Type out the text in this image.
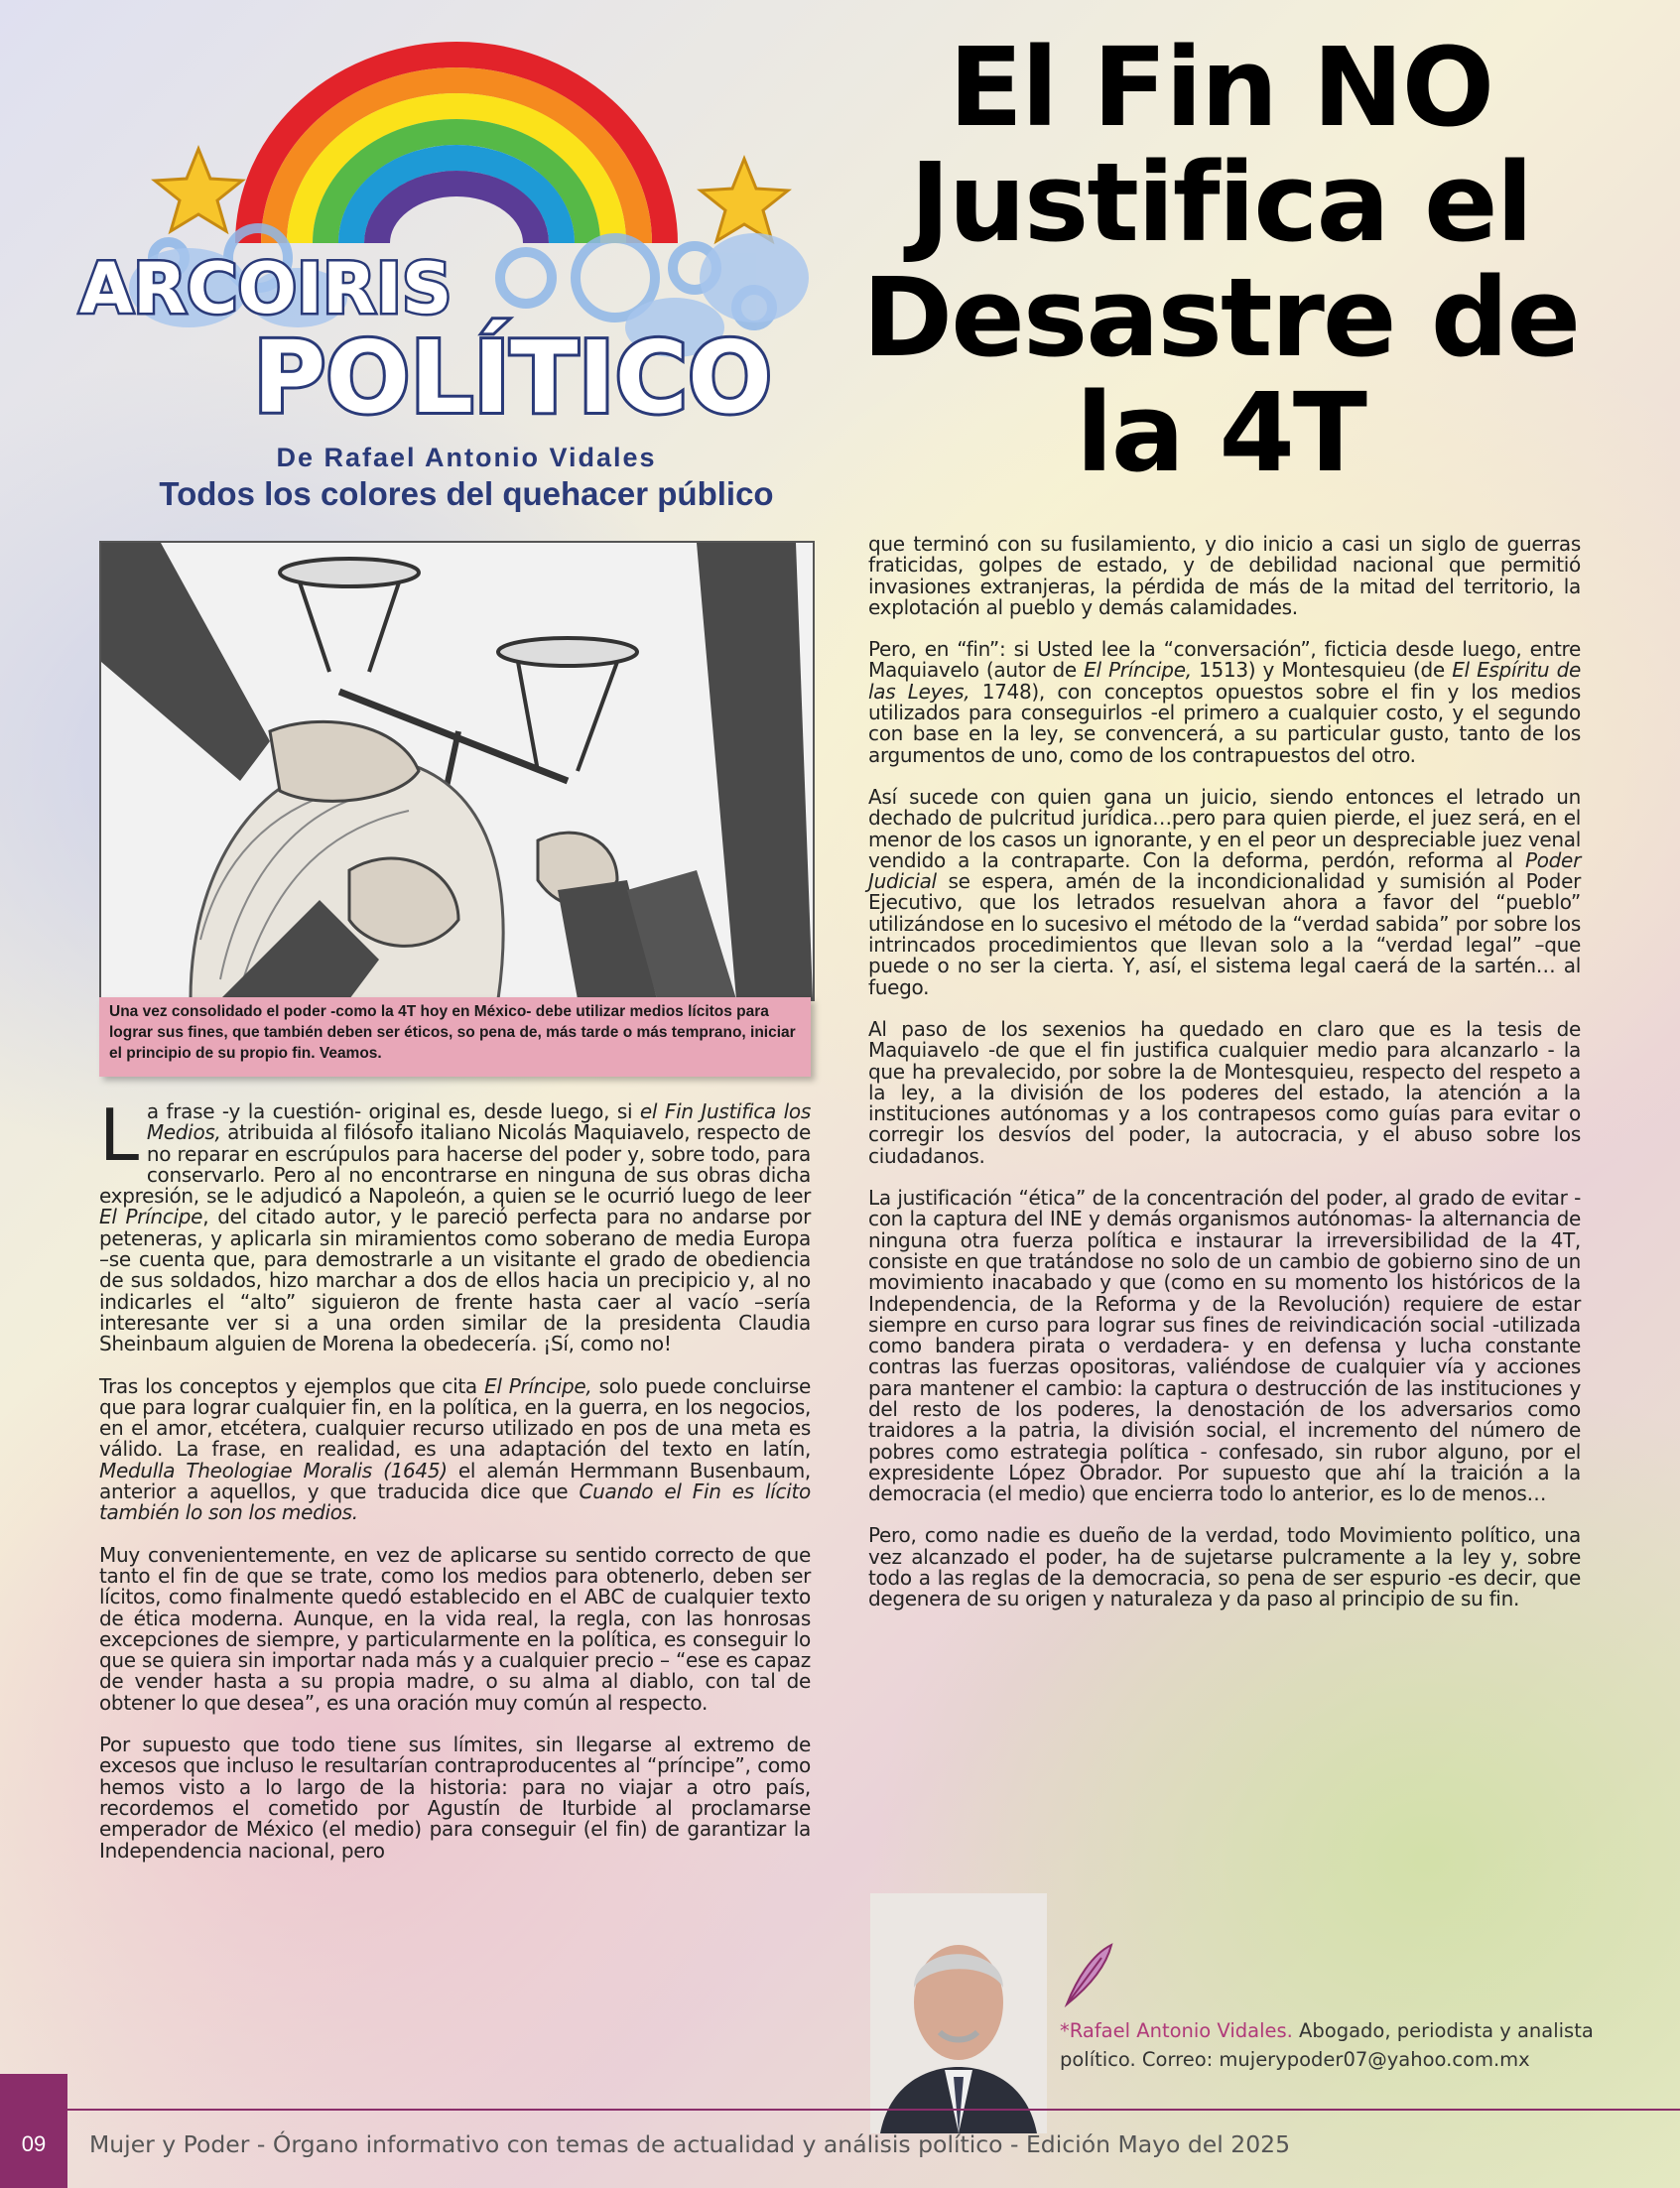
ARCOIRIS
POLÍTICO
De Rafael Antonio Vidales
Todos los colores del quehacer público
El Fin NO
Justifica el
Desastre de
la 4T
Una vez consolidado el poder -como la 4T hoy en México- debe utilizar medios lícitos para lograr sus fines, que también deben ser éticos, so pena de, más tarde o más temprano, iniciar el principio de su propio fin. Veamos.

La frase -y la cuestión- original es, desde luego, si el Fin Justifica los Medios, atribuida al filósofo italiano Nicolás Maquiavelo, respecto de no reparar en escrúpulos para hacerse del poder y, sobre todo, para conservarlo. Pero al no encontrarse en ninguna de sus obras dicha expresión, se le adjudicó a Napoleón, a quien se le ocurrió luego de leer El Príncipe, del citado autor, y le pareció perfecta para no andarse por peteneras, y aplicarla sin miramientos como soberano de media Europa –se cuenta que, para demostrarle a un visitante el grado de obediencia de sus soldados, hizo marchar a dos de ellos hacia un precipicio y, al no indicarles el “alto” siguieron de frente hasta caer al vacío –sería interesante ver si a una orden similar de la presidenta Claudia Sheinbaum alguien de Morena la obedecería. ¡Sí, como no!

Tras los conceptos y ejemplos que cita El Príncipe, solo puede concluirse que para lograr cualquier fin, en la política, en la guerra, en los negocios, en el amor, etcétera, cualquier recurso utilizado en pos de una meta es válido. La frase, en realidad, es una adaptación del texto en latín, Medulla Theologiae Moralis (1645) el alemán Hermmann Busenbaum, anterior a aquellos, y que traducida dice que Cuando el Fin es lícito también lo son los medios.

Muy convenientemente, en vez de aplicarse su sentido correcto de que tanto el fin de que se trate, como los medios para obtenerlo, deben ser lícitos, como finalmente quedó establecido en el ABC de cualquier texto de ética moderna. Aunque, en la vida real, la regla, con las honrosas excepciones de siempre, y particularmente en la política, es conseguir lo que se quiera sin importar nada más y a cualquier precio – “ese es capaz de vender hasta a su propia madre, o su alma al diablo, con tal de obtener lo que desea”, es una oración muy común al respecto.

Por supuesto que todo tiene sus límites, sin llegarse al extremo de excesos que incluso le resultarían contraproducentes al “príncipe”, como hemos visto a lo largo de la historia: para no viajar a otro país, recordemos el cometido por Agustín de Iturbide al proclamarse emperador de México (el medio) para conseguir (el fin) de garantizar la Independencia nacional, pero

que terminó con su fusilamiento, y dio inicio a casi un siglo de guerras fraticidas, golpes de estado, y de debilidad nacional que permitió invasiones extranjeras, la pérdida de más de la mitad del territorio, la explotación al pueblo y demás calamidades.

Pero, en “fin”: si Usted lee la “conversación”, ficticia desde luego, entre Maquiavelo (autor de El Príncipe, 1513) y Montesquieu (de El Espíritu de las Leyes, 1748), con conceptos opuestos sobre el fin y los medios utilizados para conseguirlos -el primero a cualquier costo, y el segundo con base en la ley, se convencerá, a su particular gusto, tanto de los argumentos de uno, como de los contrapuestos del otro.

Así sucede con quien gana un juicio, siendo entonces el letrado un dechado de pulcritud jurídica…pero para quien pierde, el juez será, en el menor de los casos un ignorante, y en el peor un despreciable juez venal vendido a la contraparte. Con la deforma, perdón, reforma al Poder Judicial se espera, amén de la incondicionalidad y sumisión al Poder Ejecutivo, que los letrados resuelvan ahora a favor del “pueblo” utilizándose en lo sucesivo el método de la “verdad sabida” por sobre los intrincados procedimientos que llevan solo a la “verdad legal” –que puede o no ser la cierta. Y, así, el sistema legal caerá de la sartén… al fuego.

Al paso de los sexenios ha quedado en claro que es la tesis de Maquiavelo -de que el fin justifica cualquier medio para alcanzarlo - la que ha prevalecido, por sobre la de Montesquieu, respecto del respeto a la ley, a la división de los poderes del estado, la atención a la instituciones autónomas y a los contrapesos como guías para evitar o corregir los desvíos del poder, la autocracia, y el abuso sobre los ciudadanos.

La justificación “ética” de la concentración del poder, al grado de evitar -con la captura del INE y demás organismos autónomas- la alternancia de ninguna otra fuerza política e instaurar la irreversibilidad de la 4T, consiste en que tratándose no solo de un cambio de gobierno sino de un movimiento inacabado y que (como en su momento los históricos de la Independencia, de la Reforma y de la Revolución) requiere de estar siempre en curso para lograr sus fines de reivindicación social -utilizada como bandera pirata o verdadera- y en defensa y lucha constante contras las fuerzas opositoras, valiéndose de cualquier vía y acciones para mantener el cambio: la captura o destrucción de las instituciones y del resto de los poderes, la denostación de los adversarios como traidores a la patria, la división social, el incremento del número de pobres como estrategia política - confesado, sin rubor alguno, por el expresidente López Obrador. Por supuesto que ahí la traición a la democracia (el medio) que encierra todo lo anterior, es lo de menos…

Pero, como nadie es dueño de la verdad, todo Movimiento político, una vez alcanzado el poder, ha de sujetarse pulcramente a la ley y, sobre todo a las reglas de la democracia, so pena de ser espurio -es decir, que degenera de su origen y naturaleza y da paso al principio de su fin.

*Rafael Antonio Vidales. Abogado, periodista y analista político. Correo: mujerypoder07@yahoo.com.mx
09	Mujer y Poder - Órgano informativo con temas de actualidad y análisis político - Edición Mayo del 2025
